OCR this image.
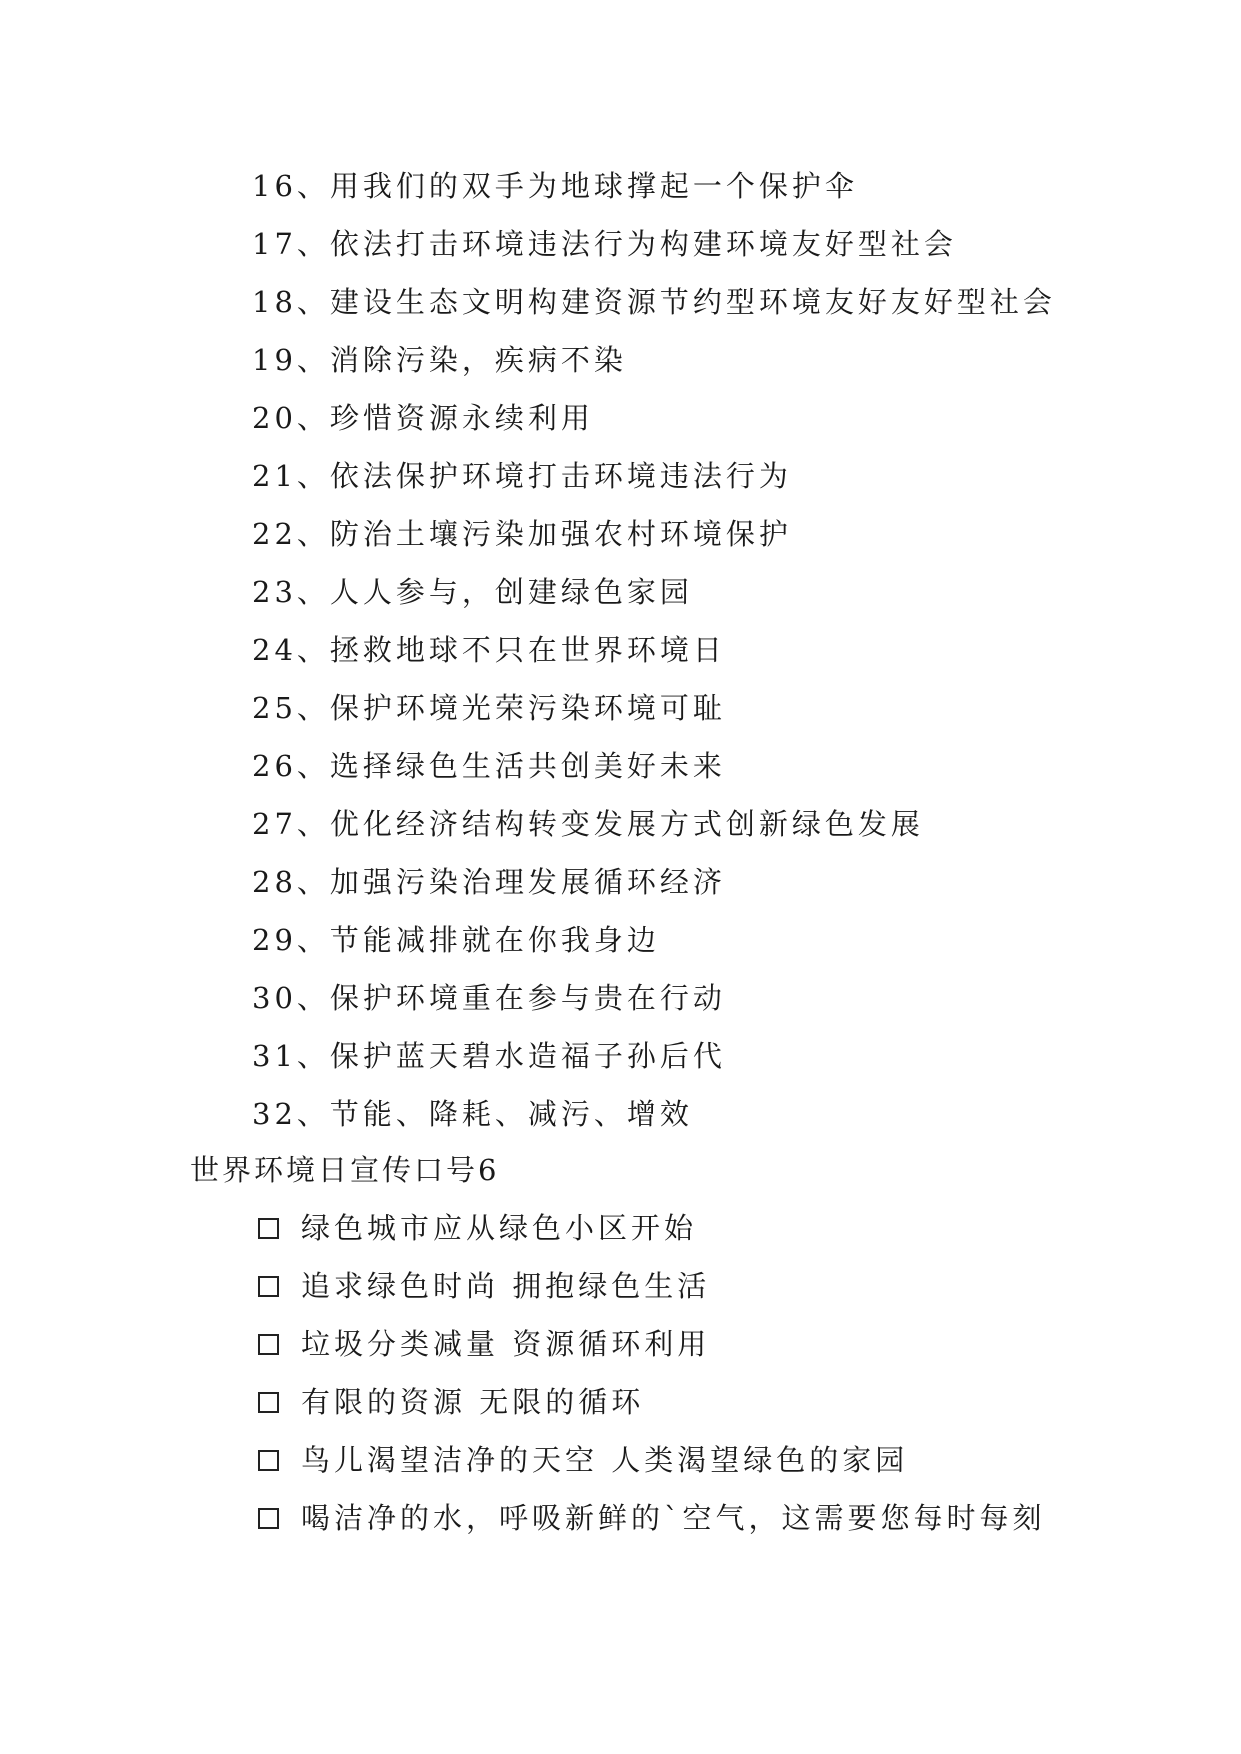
16、用我们的双手为地球撑起一个保护伞
17、依法打击环境违法行为构建环境友好型社会
18、建设生态文明构建资源节约型环境友好友好型社会
19、消除污染，疾病不染
20、珍惜资源永续利用
21、依法保护环境打击环境违法行为
22、防治土壤污染加强农村环境保护
23、人人参与，创建绿色家园
24、拯救地球不只在世界环境日
25、保护环境光荣污染环境可耻
26、选择绿色生活共创美好未来
27、优化经济结构转变发展方式创新绿色发展
28、加强污染治理发展循环经济
29、节能减排就在你我身边
30、保护环境重在参与贵在行动
31、保护蓝天碧水造福子孙后代
32、节能、降耗、减污、增效
世界环境日宣传口号6
绿色城市应从绿色小区开始
追求绿色时尚 拥抱绿色生活
垃圾分类减量 资源循环利用
有限的资源 无限的循环
鸟儿渴望洁净的天空 人类渴望绿色的家园
喝洁净的水，呼吸新鲜的`空气，这需要您每时每刻
